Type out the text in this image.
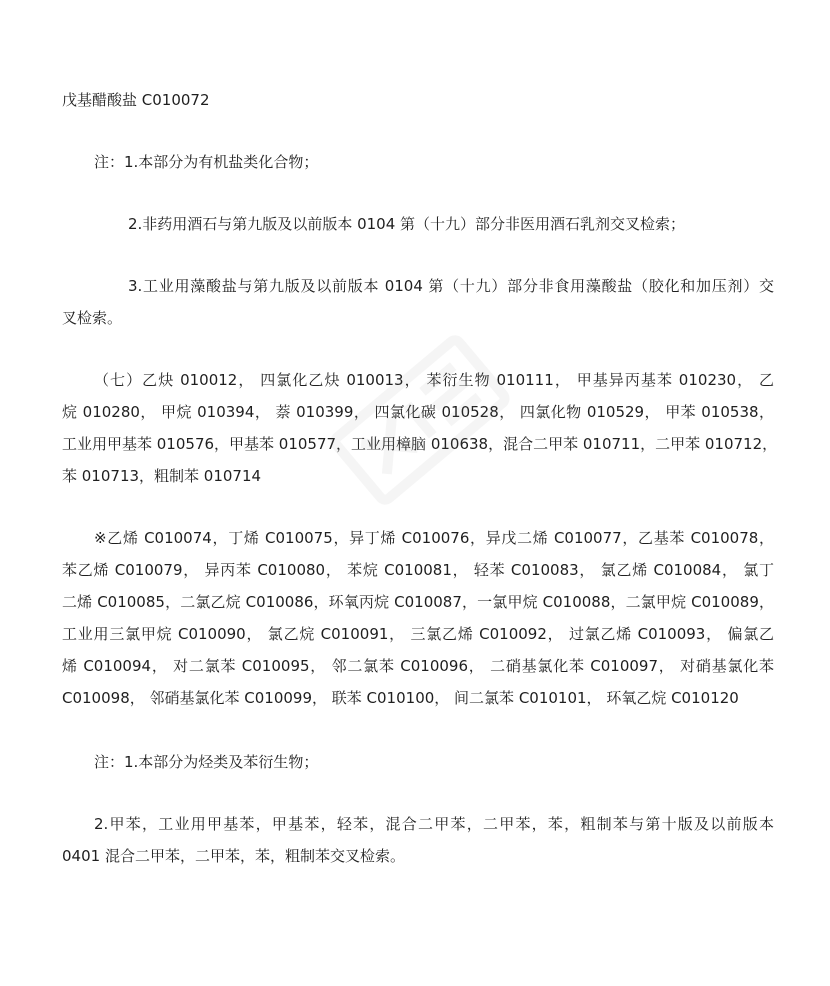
戊基醋酸盐 C010072

注：1.本部分为有机盐类化合物；

2.非药用酒石与第九版及以前版本 0104 第（十九）部分非医用酒石乳剂交叉检索；

3.工业用藻酸盐与第九版及以前版本 0104 第（十九）部分非食用藻酸盐（胶化和加压剂）交
叉检索。

（七）乙炔 010012， 四氯化乙炔 010013， 苯衍生物 010111， 甲基异丙基苯 010230， 乙
烷 010280， 甲烷 010394， 萘 010399， 四氯化碳 010528， 四氯化物 010529， 甲苯 010538，
工业用甲基苯 010576，甲基苯 010577，工业用樟脑 010638，混合二甲苯 010711，二甲苯 010712，
苯 010713，粗制苯 010714

※乙烯 C010074，丁烯 C010075，异丁烯 C010076，异戊二烯 C010077，乙基苯 C010078，
苯乙烯 C010079， 异丙苯 C010080， 苯烷 C010081， 轻苯 C010083， 氯乙烯 C010084， 氯丁
二烯 C010085，二氯乙烷 C010086，环氧丙烷 C010087，一氯甲烷 C010088，二氯甲烷 C010089，
工业用三氯甲烷 C010090， 氯乙烷 C010091， 三氯乙烯 C010092， 过氯乙烯 C010093， 偏氯乙
烯 C010094， 对二氯苯 C010095， 邻二氯苯 C010096， 二硝基氯化苯 C010097， 对硝基氯化苯
C010098， 邻硝基氯化苯 C010099， 联苯 C010100， 间二氯苯 C010101， 环氧乙烷 C010120

注：1.本部分为烃类及苯衍生物；

2.甲苯，工业用甲基苯，甲基苯，轻苯，混合二甲苯，二甲苯，苯，粗制苯与第十版及以前版本
0401 混合二甲苯，二甲苯，苯，粗制苯交叉检索。
